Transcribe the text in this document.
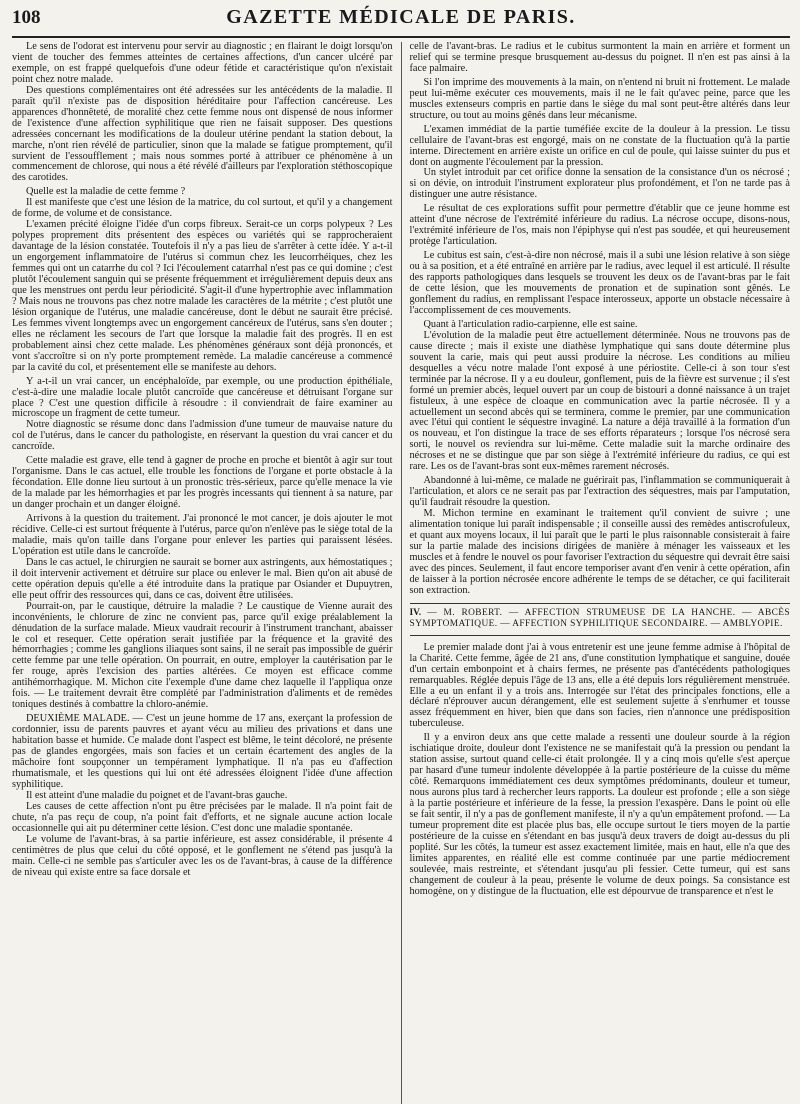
108	GAZETTE MÉDICALE DE PARIS.

Le sens de l'odorat est intervenu pour servir au diagnostic ; en flairant le doigt lorsqu'on vient de toucher des femmes atteintes de certaines affections, d'un cancer ulcéré par exemple, on est frappé quelquefois d'une odeur fétide et caractéristique qu'on n'existait point chez notre malade.

Des questions complémentaires ont été adressées sur les antécédents de la maladie. Il paraît qu'il n'existe pas de disposition héréditaire pour l'affection cancéreuse. Les apparences d'honnêteté, de moralité chez cette femme nous ont dispensé de nous informer de l'existence d'une affection syphilitique que rien ne faisait supposer. Des questions adressées concernant les modifications de la douleur utérine pendant la station debout, la marche, n'ont rien révélé de particulier, sinon que la malade se fatigue promptement, qu'il survient de l'essoufflement ; mais nous sommes porté à attribuer ce phénomène à un commencement de chlorose, qui nous a été révélé d'ailleurs par l'exploration stéthoscopique des carotides.

Quelle est la maladie de cette femme ?

Il est manifeste que c'est une lésion de la matrice, du col surtout, et qu'il y a changement de forme, de volume et de consistance.

L'examen précité éloigne l'idée d'un corps fibreux. Serait-ce un corps polypeux ? Les polypes proprement dits présentent des espèces ou variétés qui se rapprocheraient davantage de la lésion constatée. Toutefois il n'y a pas lieu de s'arrêter à cette idée. Y a-t-il un engorgement inflammatoire de l'utérus si commun chez les leucorrhéiques, chez les femmes qui ont un catarrhe du col ? Ici l'écoulement catarrhal n'est pas ce qui domine ; c'est plutôt l'écoulement sanguin qui se présente fréquemment et irrégulièrement depuis deux ans que les menstrues ont perdu leur périodicité. S'agit-il d'une hypertrophie avec inflammation ? Mais nous ne trouvons pas chez notre malade les caractères de la métrite ; c'est plutôt une lésion organique de l'utérus, une maladie cancéreuse, dont le début ne saurait être précisé. Les femmes vivent longtemps avec un engorgement cancéreux de l'utérus, sans s'en douter ; elles ne réclament les secours de l'art que lorsque la maladie fait des progrès. Il en est probablement ainsi chez cette malade. Les phénomènes généraux sont déjà prononcés, et vont s'accroître si on n'y porte promptement remède. La maladie cancéreuse a commencé par la cavité du col, et présentement elle se manifeste au dehors.

Y a-t-il un vrai cancer, un encéphaloïde, par exemple, ou une production épithéliale, c'est-à-dire une maladie locale plutôt cancroïde que cancéreuse et détruisant l'organe sur place ? C'est une question difficile à résoudre : il conviendrait de faire examiner au microscope un fragment de cette tumeur.

Notre diagnostic se résume donc dans l'admission d'une tumeur de mauvaise nature du col de l'utérus, dans le cancer du pathologiste, en réservant la question du vrai cancer et du cancroïde.

Cette maladie est grave, elle tend à gagner de proche en proche et bientôt à agir sur tout l'organisme. Dans le cas actuel, elle trouble les fonctions de l'organe et porte obstacle à la fécondation. Elle donne lieu surtout à un pronostic très-sérieux, parce qu'elle menace la vie de la malade par les hémorrhagies et par les progrès incessants qui tiennent à sa nature, par un danger prochain et un danger éloigné.

Arrivons à la question du traitement. J'ai prononcé le mot cancer, je dois ajouter le mot récidive. Celle-ci est surtout fréquente à l'utérus, parce qu'on n'enlève pas le siège total de la maladie, mais qu'on taille dans l'organe pour enlever les parties qui paraissent lésées. L'opération est utile dans le cancroïde.

Dans le cas actuel, le chirurgien ne saurait se borner aux astringents, aux hémostatiques ; il doit intervenir activement et détruire sur place ou enlever le mal. Bien qu'on ait abusé de cette opération depuis qu'elle a été introduite dans la pratique par Osiander et Dupuytren, elle peut offrir des ressources qui, dans ce cas, doivent être utilisées.

Pourrait-on, par le caustique, détruire la maladie ? Le caustique de Vienne aurait des inconvénients, le chlorure de zinc ne convient pas, parce qu'il exige préalablement la dénudation de la surface malade. Mieux vaudrait recourir à l'instrument tranchant, abaisser le col et resequer. Cette opération serait justifiée par la fréquence et la gravité des hémorrhagies ; comme les ganglions iliaques sont sains, il ne serait pas impossible de guérir cette femme par une telle opération. On pourrait, en outre, employer la cautérisation par le fer rouge, après l'excision des parties altérées. Ce moyen est efficace comme antihémorrhagique. M. Michon cite l'exemple d'une dame chez laquelle il l'appliqua onze fois. — Le traitement devrait être complété par l'administration d'aliments et de remèdes toniques destinés à combattre la chloro-anémie.

DEUXIÈME MALADE. — C'est un jeune homme de 17 ans, exerçant la profession de cordonnier, issu de parents pauvres et ayant vécu au milieu des privations et dans une habitation basse et humide. Ce malade dont l'aspect est blême, le teint décoloré, ne présente pas de glandes engorgées, mais son facies et un certain écartement des angles de la mâchoire font soupçonner un tempérament lymphatique. Il n'a pas eu d'affection rhumatismale, et les questions qui lui ont été adressées éloignent l'idée d'une affection syphilitique.

Il est atteint d'une maladie du poignet et de l'avant-bras gauche.

Les causes de cette affection n'ont pu être précisées par le malade. Il n'a point fait de chute, n'a pas reçu de coup, n'a point fait d'efforts, et ne signale aucune action locale occasionnelle qui ait pu déterminer cette lésion. C'est donc une maladie spontanée.

Le volume de l'avant-bras, à sa partie inférieure, est assez considérable, il présente 4 centimètres de plus que celui du côté opposé, et le gonflement ne s'étend pas jusqu'à la main. Celle-ci ne semble pas s'articuler avec les os de l'avant-bras, à cause de la différence de niveau qui existe entre sa face dorsale et

celle de l'avant-bras. Le radius et le cubitus surmontent la main en arrière et forment un relief qui se termine presque brusquement au-dessus du poignet. Il n'en est pas ainsi à la face palmaire.

Si l'on imprime des mouvements à la main, on n'entend ni bruit ni frottement. Le malade peut lui-même exécuter ces mouvements, mais il ne le fait qu'avec peine, parce que les muscles extenseurs compris en partie dans le siège du mal sont peut-être altérés dans leur structure, ou tout au moins gênés dans leur mécanisme.

L'examen immédiat de la partie tuméfiée excite de la douleur à la pression. Le tissu cellulaire de l'avant-bras est engorgé, mais on ne constate de la fluctuation qu'à la partie interne. Directement en arrière existe un orifice en cul de poule, qui laisse suinter du pus et dont on augmente l'écoulement par la pression.

Un stylet introduit par cet orifice donne la sensation de la consistance d'un os nécrosé ; si on dévie, on introduit l'instrument explorateur plus profondément, et l'on ne tarde pas à distinguer une autre résistance.

Le résultat de ces explorations suffit pour permettre d'établir que ce jeune homme est atteint d'une nécrose de l'extrémité inférieure du radius. La nécrose occupe, disons-nous, l'extrémité inférieure de l'os, mais non l'épiphyse qui n'est pas soudée, et qui heureusement protège l'articulation.

Le cubitus est sain, c'est-à-dire non nécrosé, mais il a subi une lésion relative à son siège ou à sa position, et a été entraîné en arrière par le radius, avec lequel il est articulé. Il résulte des rapports pathologiques dans lesquels se trouvent les deux os de l'avant-bras par le fait de cette lésion, que les mouvements de pronation et de supination sont gênés. Le gonflement du radius, en remplissant l'espace interosseux, apporte un obstacle nécessaire à l'accomplissement de ces mouvements.

Quant à l'articulation radio-carpienne, elle est saine.

L'évolution de la maladie peut être actuellement déterminée. Nous ne trouvons pas de cause directe ; mais il existe une diathèse lymphatique qui sans doute détermine plus souvent la carie, mais qui peut aussi produire la nécrose. Les conditions au milieu desquelles a vécu notre malade l'ont exposé à une périostite. Celle-ci à son tour s'est terminée par la nécrose. Il y a eu douleur, gonflement, puis de la fièvre est survenue ; il s'est formé un premier abcès, lequel ouvert par un coup de bistouri a donné naissance à un trajet fistuleux, à une espèce de cloaque en communication avec la partie nécrosée. Il y a actuellement un second abcès qui se terminera, comme le premier, par une communication avec l'étui qui contient le séquestre invaginé. La nature a déjà travaillé à la formation d'un os nouveau, et l'on distingue la trace de ses efforts réparateurs ; lorsque l'os nécrosé sera sorti, le nouvel os reviendra sur lui-même. Cette maladie suit la marche ordinaire des nécroses et ne se distingue que par son siège à l'extrémité inférieure du radius, ce qui est rare. Les os de l'avant-bras sont eux-mêmes rarement nécrosés.

Abandonné à lui-même, ce malade ne guérirait pas, l'inflammation se communiquerait à l'articulation, et alors ce ne serait pas par l'extraction des séquestres, mais par l'amputation, qu'il faudrait résoudre la question.

M. Michon termine en examinant le traitement qu'il convient de suivre ; une alimentation tonique lui paraît indispensable ; il conseille aussi des remèdes antiscrofuleux, et quant aux moyens locaux, il lui paraît que le parti le plus raisonnable consisterait à faire sur la partie malade des incisions dirigées de manière à ménager les vaisseaux et les muscles et à fendre le nouvel os pour favoriser l'extraction du séquestre qui devrait être saisi avec des pinces. Seulement, il faut encore temporiser avant d'en venir à cette opération, afin de laisser à la portion nécrosée encore adhérente le temps de se détacher, ce qui faciliterait son extraction.

IV. — M. ROBERT. — AFFECTION STRUMEUSE DE LA HANCHE. — ABCÈS SYMPTOMATIQUE. — AFFECTION SYPHILITIQUE SECONDAIRE. — AMBLYOPIE.

Le premier malade dont j'ai à vous entretenir est une jeune femme admise à l'hôpital de la Charité. Cette femme, âgée de 21 ans, d'une constitution lymphatique et sanguine, douée d'un certain embonpoint et à chairs fermes, ne présente pas d'antécédents pathologiques remarquables. Réglée depuis l'âge de 13 ans, elle a été depuis lors régulièrement menstruée. Elle a eu un enfant il y a trois ans. Interrogée sur l'état des principales fonctions, elle a déclaré n'éprouver aucun dérangement, elle est seulement sujette à s'enrhumer et tousse assez fréquemment en hiver, bien que dans son facies, rien n'annonce une prédisposition tuberculeuse.

Il y a environ deux ans que cette malade a ressenti une douleur sourde à la région ischiatique droite, douleur dont l'existence ne se manifestait qu'à la pression ou pendant la station assise, surtout quand celle-ci était prolongée. Il y a cinq mois qu'elle s'est aperçue par hasard d'une tumeur indolente développée à la partie postérieure de la cuisse du même côté. Remarquons immédiatement ces deux symptômes prédominants, douleur et tumeur, nous aurons plus tard à rechercher leurs rapports. La douleur est profonde ; elle a son siège à la partie postérieure et inférieure de la fesse, la pression l'exaspère. Dans le point où elle se fait sentir, il n'y a pas de gonflement manifeste, il n'y a qu'un empâtement profond. — La tumeur proprement dite est placée plus bas, elle occupe surtout le tiers moyen de la partie postérieure de la cuisse en s'étendant en bas jusqu'à deux travers de doigt au-dessus du pli poplité. Sur les côtés, la tumeur est assez exactement limitée, mais en haut, elle n'a que des limites apparentes, en réalité elle est comme continuée par une partie médiocrement soulevée, mais restreinte, et s'étendant jusqu'au pli fessier. Cette tumeur, qui est sans changement de couleur à la peau, présente le volume de deux poings. Sa consistance est homogène, on y distingue de la fluctuation, elle est dépourvue de transparence et n'est le
